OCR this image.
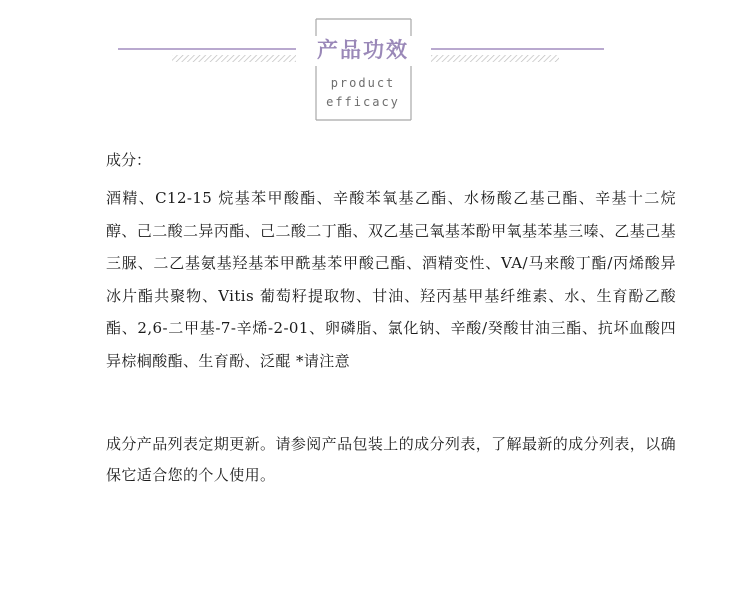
产品功效
product
efficacy

成分：

酒精、C12-15 烷基苯甲酸酯、辛酸苯氧基乙酯、水杨酸乙基己酯、辛基十二烷醇、己二酸二异丙酯、己二酸二丁酯、双乙基己氧基苯酚甲氧基苯基三嗪、乙基己基三脲、二乙基氨基羟基苯甲酰基苯甲酸己酯、酒精变性、VA/马来酸丁酯/丙烯酸异冰片酯共聚物、Vitis 葡萄籽提取物、甘油、羟丙基甲基纤维素、水、生育酚乙酸酯、2,6-二甲基-7-辛烯-2-01、卵磷脂、氯化钠、辛酸/癸酸甘油三酯、抗坏血酸四异棕榈酸酯、生育酚、泛醌 *请注意

成分产品列表定期更新。请参阅产品包装上的成分列表，了解最新的成分列表，以确保它适合您的个人使用。
